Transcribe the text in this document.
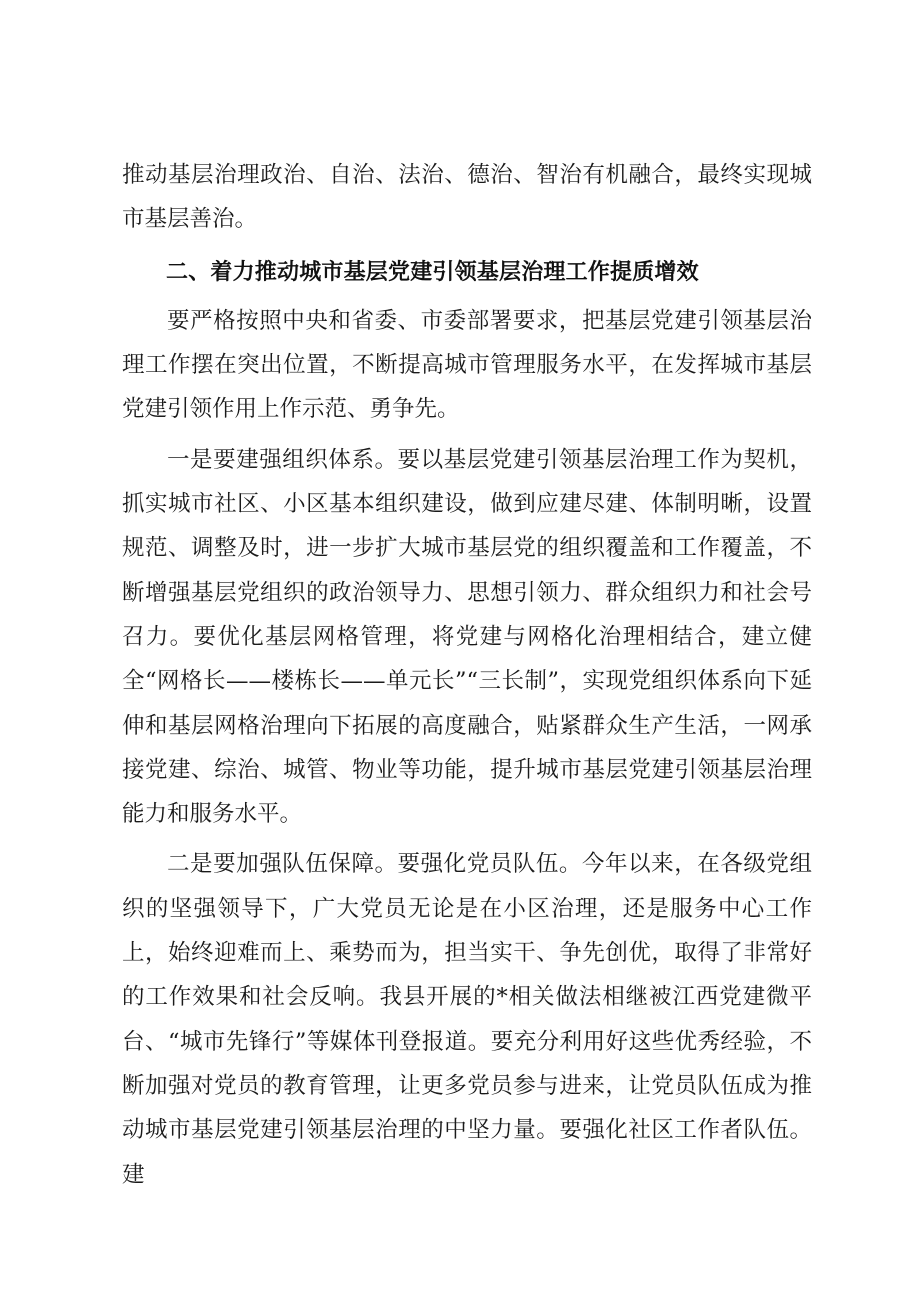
推动基层治理政治、自治、法治、德治、智治有机融合，最终实现城市基层善治。

二、着力推动城市基层党建引领基层治理工作提质增效

要严格按照中央和省委、市委部署要求，把基层党建引领基层治理工作摆在突出位置，不断提高城市管理服务水平，在发挥城市基层党建引领作用上作示范、勇争先。

一是要建强组织体系。要以基层党建引领基层治理工作为契机，抓实城市社区、小区基本组织建设，做到应建尽建、体制明晰，设置规范、调整及时，进一步扩大城市基层党的组织覆盖和工作覆盖，不断增强基层党组织的政治领导力、思想引领力、群众组织力和社会号召力。要优化基层网格管理，将党建与网格化治理相结合，建立健全“网格长——楼栋长——单元长”“三长制”，实现党组织体系向下延伸和基层网格治理向下拓展的高度融合，贴紧群众生产生活，一网承接党建、综治、城管、物业等功能，提升城市基层党建引领基层治理能力和服务水平。

二是要加强队伍保障。要强化党员队伍。今年以来，在各级党组织的坚强领导下，广大党员无论是在小区治理，还是服务中心工作上，始终迎难而上、乘势而为，担当实干、争先创优，取得了非常好的工作效果和社会反响。我县开展的*相关做法相继被江西党建微平台、“城市先锋行”等媒体刊登报道。要充分利用好这些优秀经验，不断加强对党员的教育管理，让更多党员参与进来，让党员队伍成为推动城市基层党建引领基层治理的中坚力量。要强化社区工作者队伍。建
